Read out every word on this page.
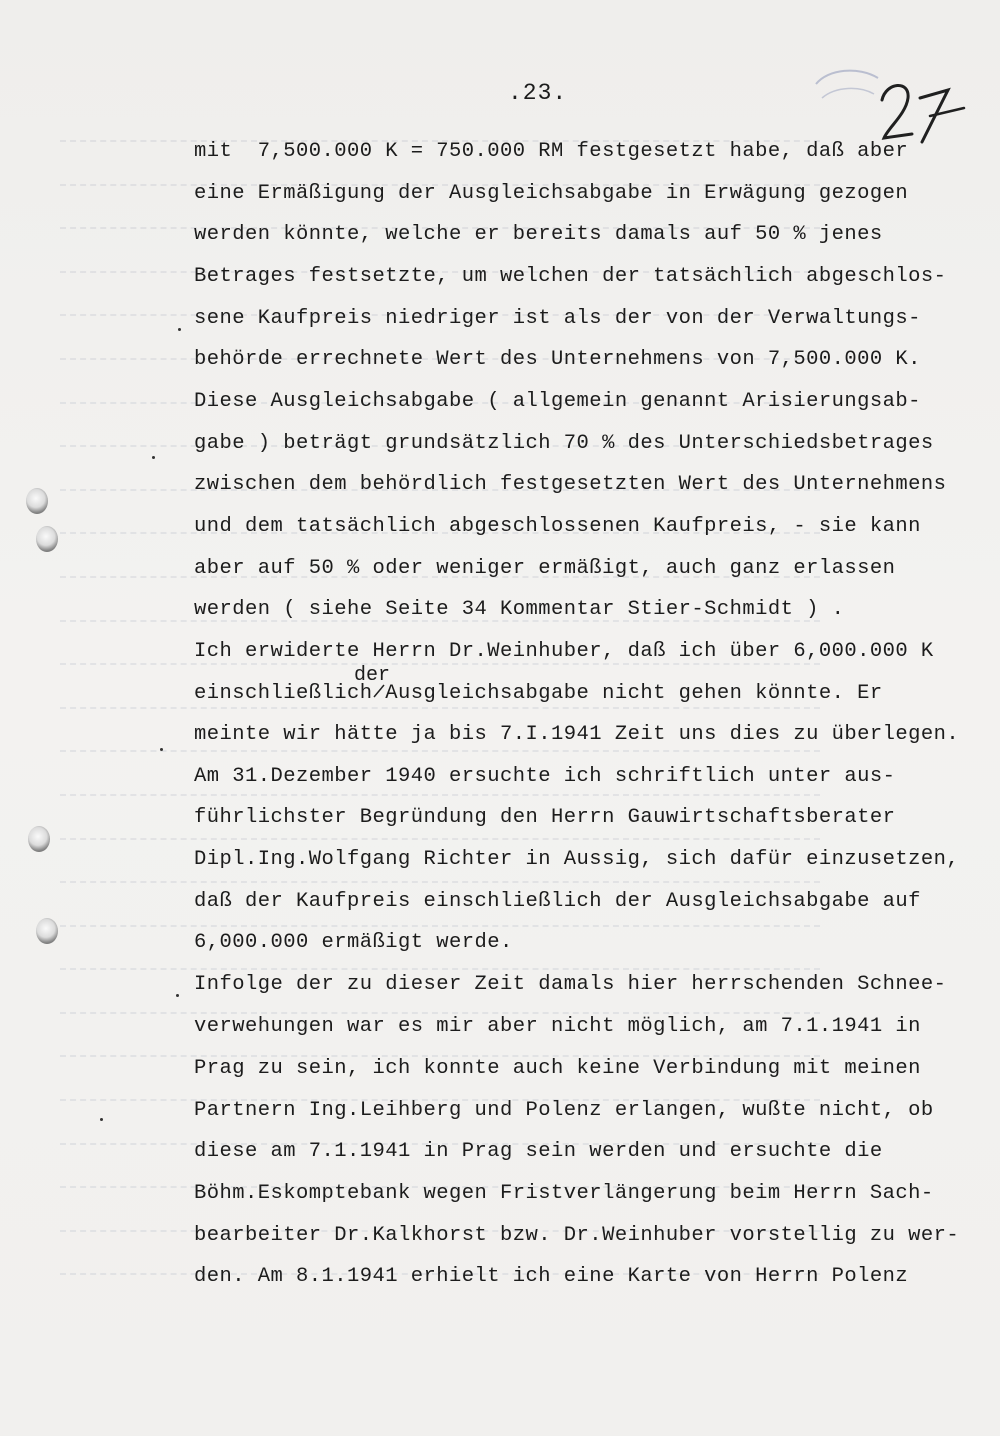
.23.
der
mit  7,500.000 K = 750.000 RM festgesetzt habe, daß aber
eine Ermäßigung der Ausgleichsabgabe in Erwägung gezogen
werden könnte, welche er bereits damals auf 50 % jenes
Betrages festsetzte, um welchen der tatsächlich abgeschlos-
sene Kaufpreis niedriger ist als der von der Verwaltungs-
behörde errechnete Wert des Unternehmens von 7,500.000 K.
Diese Ausgleichsabgabe ( allgemein genannt Arisierungsab-
gabe ) beträgt grundsätzlich 70 % des Unterschiedsbetrages
zwischen dem behördlich festgesetzten Wert des Unternehmens
und dem tatsächlich abgeschlossenen Kaufpreis, - sie kann
aber auf 50 % oder weniger ermäßigt, auch ganz erlassen
werden ( siehe Seite 34 Kommentar Stier-Schmidt ) .
Ich erwiderte Herrn Dr.Weinhuber, daß ich über 6,000.000 K
einschließlich Ausgleichsabgabe nicht gehen könnte. Er
meinte wir hätte ja bis 7.I.1941 Zeit uns dies zu überlegen.
Am 31.Dezember 1940 ersuchte ich schriftlich unter aus-
führlichster Begründung den Herrn Gauwirtschaftsberater
Dipl.Ing.Wolfgang Richter in Aussig, sich dafür einzusetzen,
daß der Kaufpreis einschließlich der Ausgleichsabgabe auf
6,000.000 ermäßigt werde.
Infolge der zu dieser Zeit damals hier herrschenden Schnee-
verwehungen war es mir aber nicht möglich, am 7.1.1941 in
Prag zu sein, ich konnte auch keine Verbindung mit meinen
Partnern Ing.Leihberg und Polenz erlangen, wußte nicht, ob
diese am 7.1.1941 in Prag sein werden und ersuchte die
Böhm.Eskomptebank wegen Fristverlängerung beim Herrn Sach-
bearbeiter Dr.Kalkhorst bzw. Dr.Weinhuber vorstellig zu wer-
den. Am 8.1.1941 erhielt ich eine Karte von Herrn Polenz
